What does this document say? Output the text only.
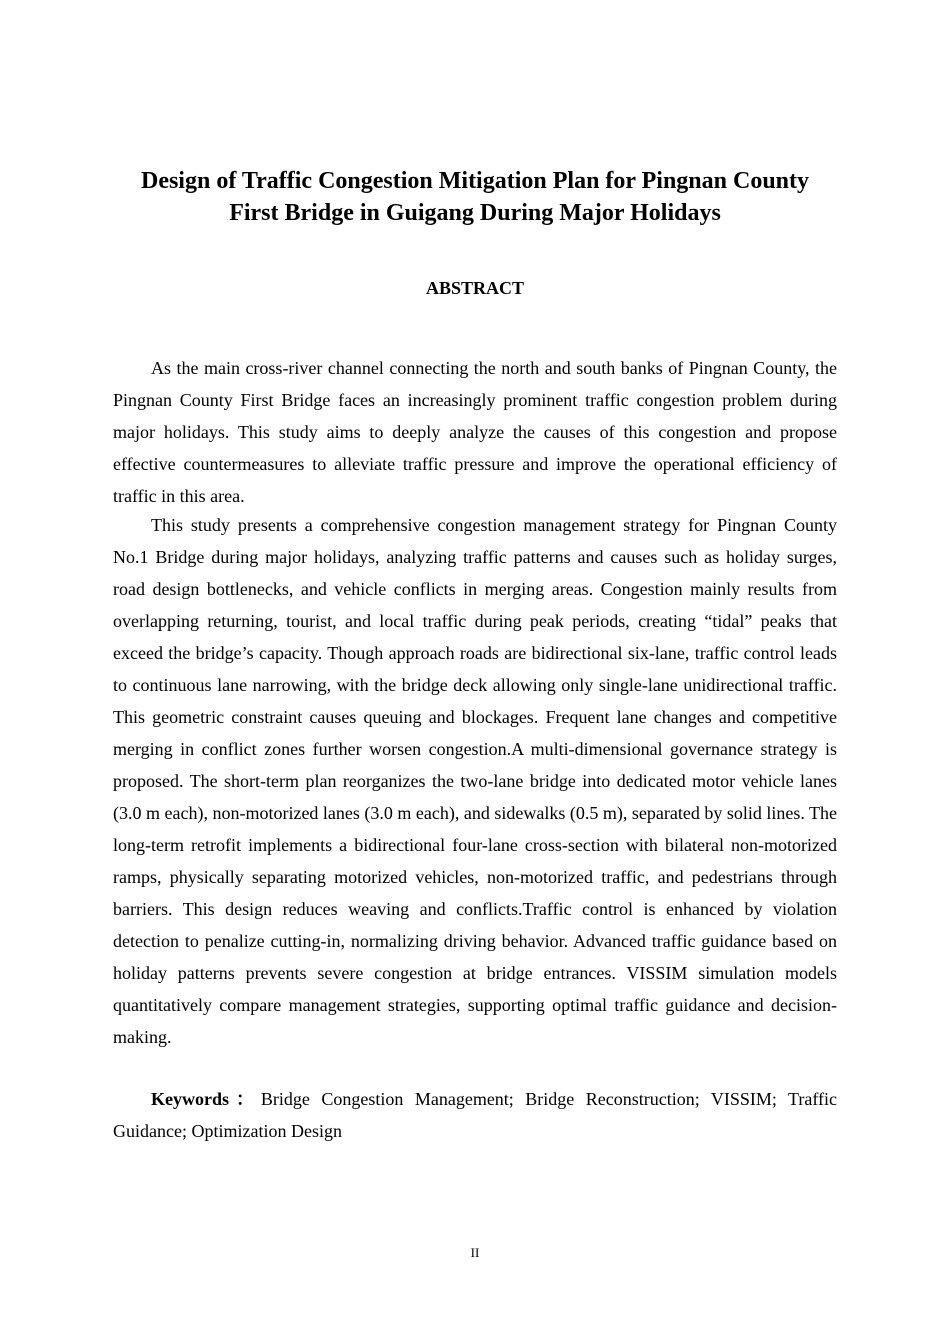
Design of Traffic Congestion Mitigation Plan for Pingnan County
First Bridge in Guigang During Major Holidays
ABSTRACT

As the main cross-river channel connecting the north and south banks of Pingnan County, the Pingnan County First Bridge faces an increasingly prominent traffic congestion problem during major holidays. This study aims to deeply analyze the causes of this congestion and propose effective countermeasures to alleviate traffic pressure and improve the operational efficiency of traffic in this area.

This study presents a comprehensive congestion management strategy for Pingnan County No.1 Bridge during major holidays, analyzing traffic patterns and causes such as holiday surges, road design bottlenecks, and vehicle conflicts in merging areas. Congestion mainly results from overlapping returning, tourist, and local traffic during peak periods, creating “tidal” peaks that exceed the bridge’s capacity. Though approach roads are bidirectional six-lane, traffic control leads to continuous lane narrowing, with the bridge deck allowing only single-lane unidirectional traffic. This geometric constraint causes queuing and blockages. Frequent lane changes and competitive merging in conflict zones further worsen congestion.A multi-dimensional governance strategy is proposed. The short-term plan reorganizes the two-lane bridge into dedicated motor vehicle lanes (3.0 m each), non-motorized lanes (3.0 m each), and sidewalks (0.5 m), separated by solid lines. The long-term retrofit implements a bidirectional four-lane cross-section with bilateral non-motorized ramps, physically separating motorized vehicles, non-motorized traffic, and pedestrians through barriers. This design reduces weaving and conflicts.Traffic control is enhanced by violation detection to penalize cutting-in, normalizing driving behavior. Advanced traffic guidance based on holiday patterns prevents severe congestion at bridge entrances. VISSIM simulation models quantitatively compare management strategies, supporting optimal traffic guidance and decision-making.

Keywords：Bridge Congestion Management; Bridge Reconstruction; VISSIM; Traffic Guidance; Optimization Design

II
